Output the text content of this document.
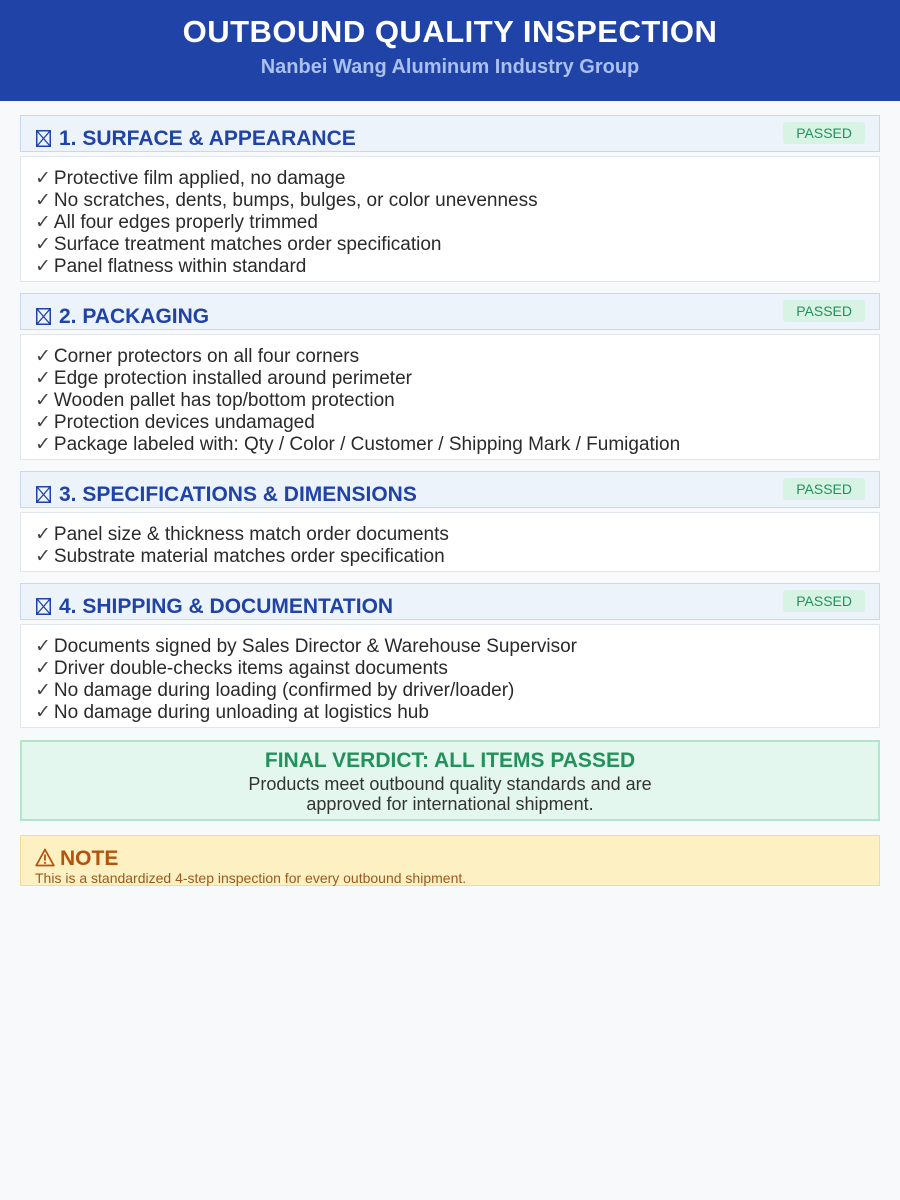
OUTBOUND QUALITY INSPECTION
Nanbei Wang Aluminum Industry Group
1. SURFACE & APPEARANCE	PASSED
✓ Protective film applied, no damage
✓ No scratches, dents, bumps, bulges, or color unevenness
✓ All four edges properly trimmed
✓ Surface treatment matches order specification
✓ Panel flatness within standard
2. PACKAGING	PASSED
✓ Corner protectors on all four corners
✓ Edge protection installed around perimeter
✓ Wooden pallet has top/bottom protection
✓ Protection devices undamaged
✓ Package labeled with: Qty / Color / Customer / Shipping Mark / Fumigation
3. SPECIFICATIONS & DIMENSIONS	PASSED
✓ Panel size & thickness match order documents
✓ Substrate material matches order specification
4. SHIPPING & DOCUMENTATION	PASSED
✓ Documents signed by Sales Director & Warehouse Supervisor
✓ Driver double-checks items against documents
✓ No damage during loading (confirmed by driver/loader)
✓ No damage during unloading at logistics hub
FINAL VERDICT: ALL ITEMS PASSED
Products meet outbound quality standards and are
approved for international shipment.
NOTE
This is a standardized 4-step inspection for every outbound shipment.
